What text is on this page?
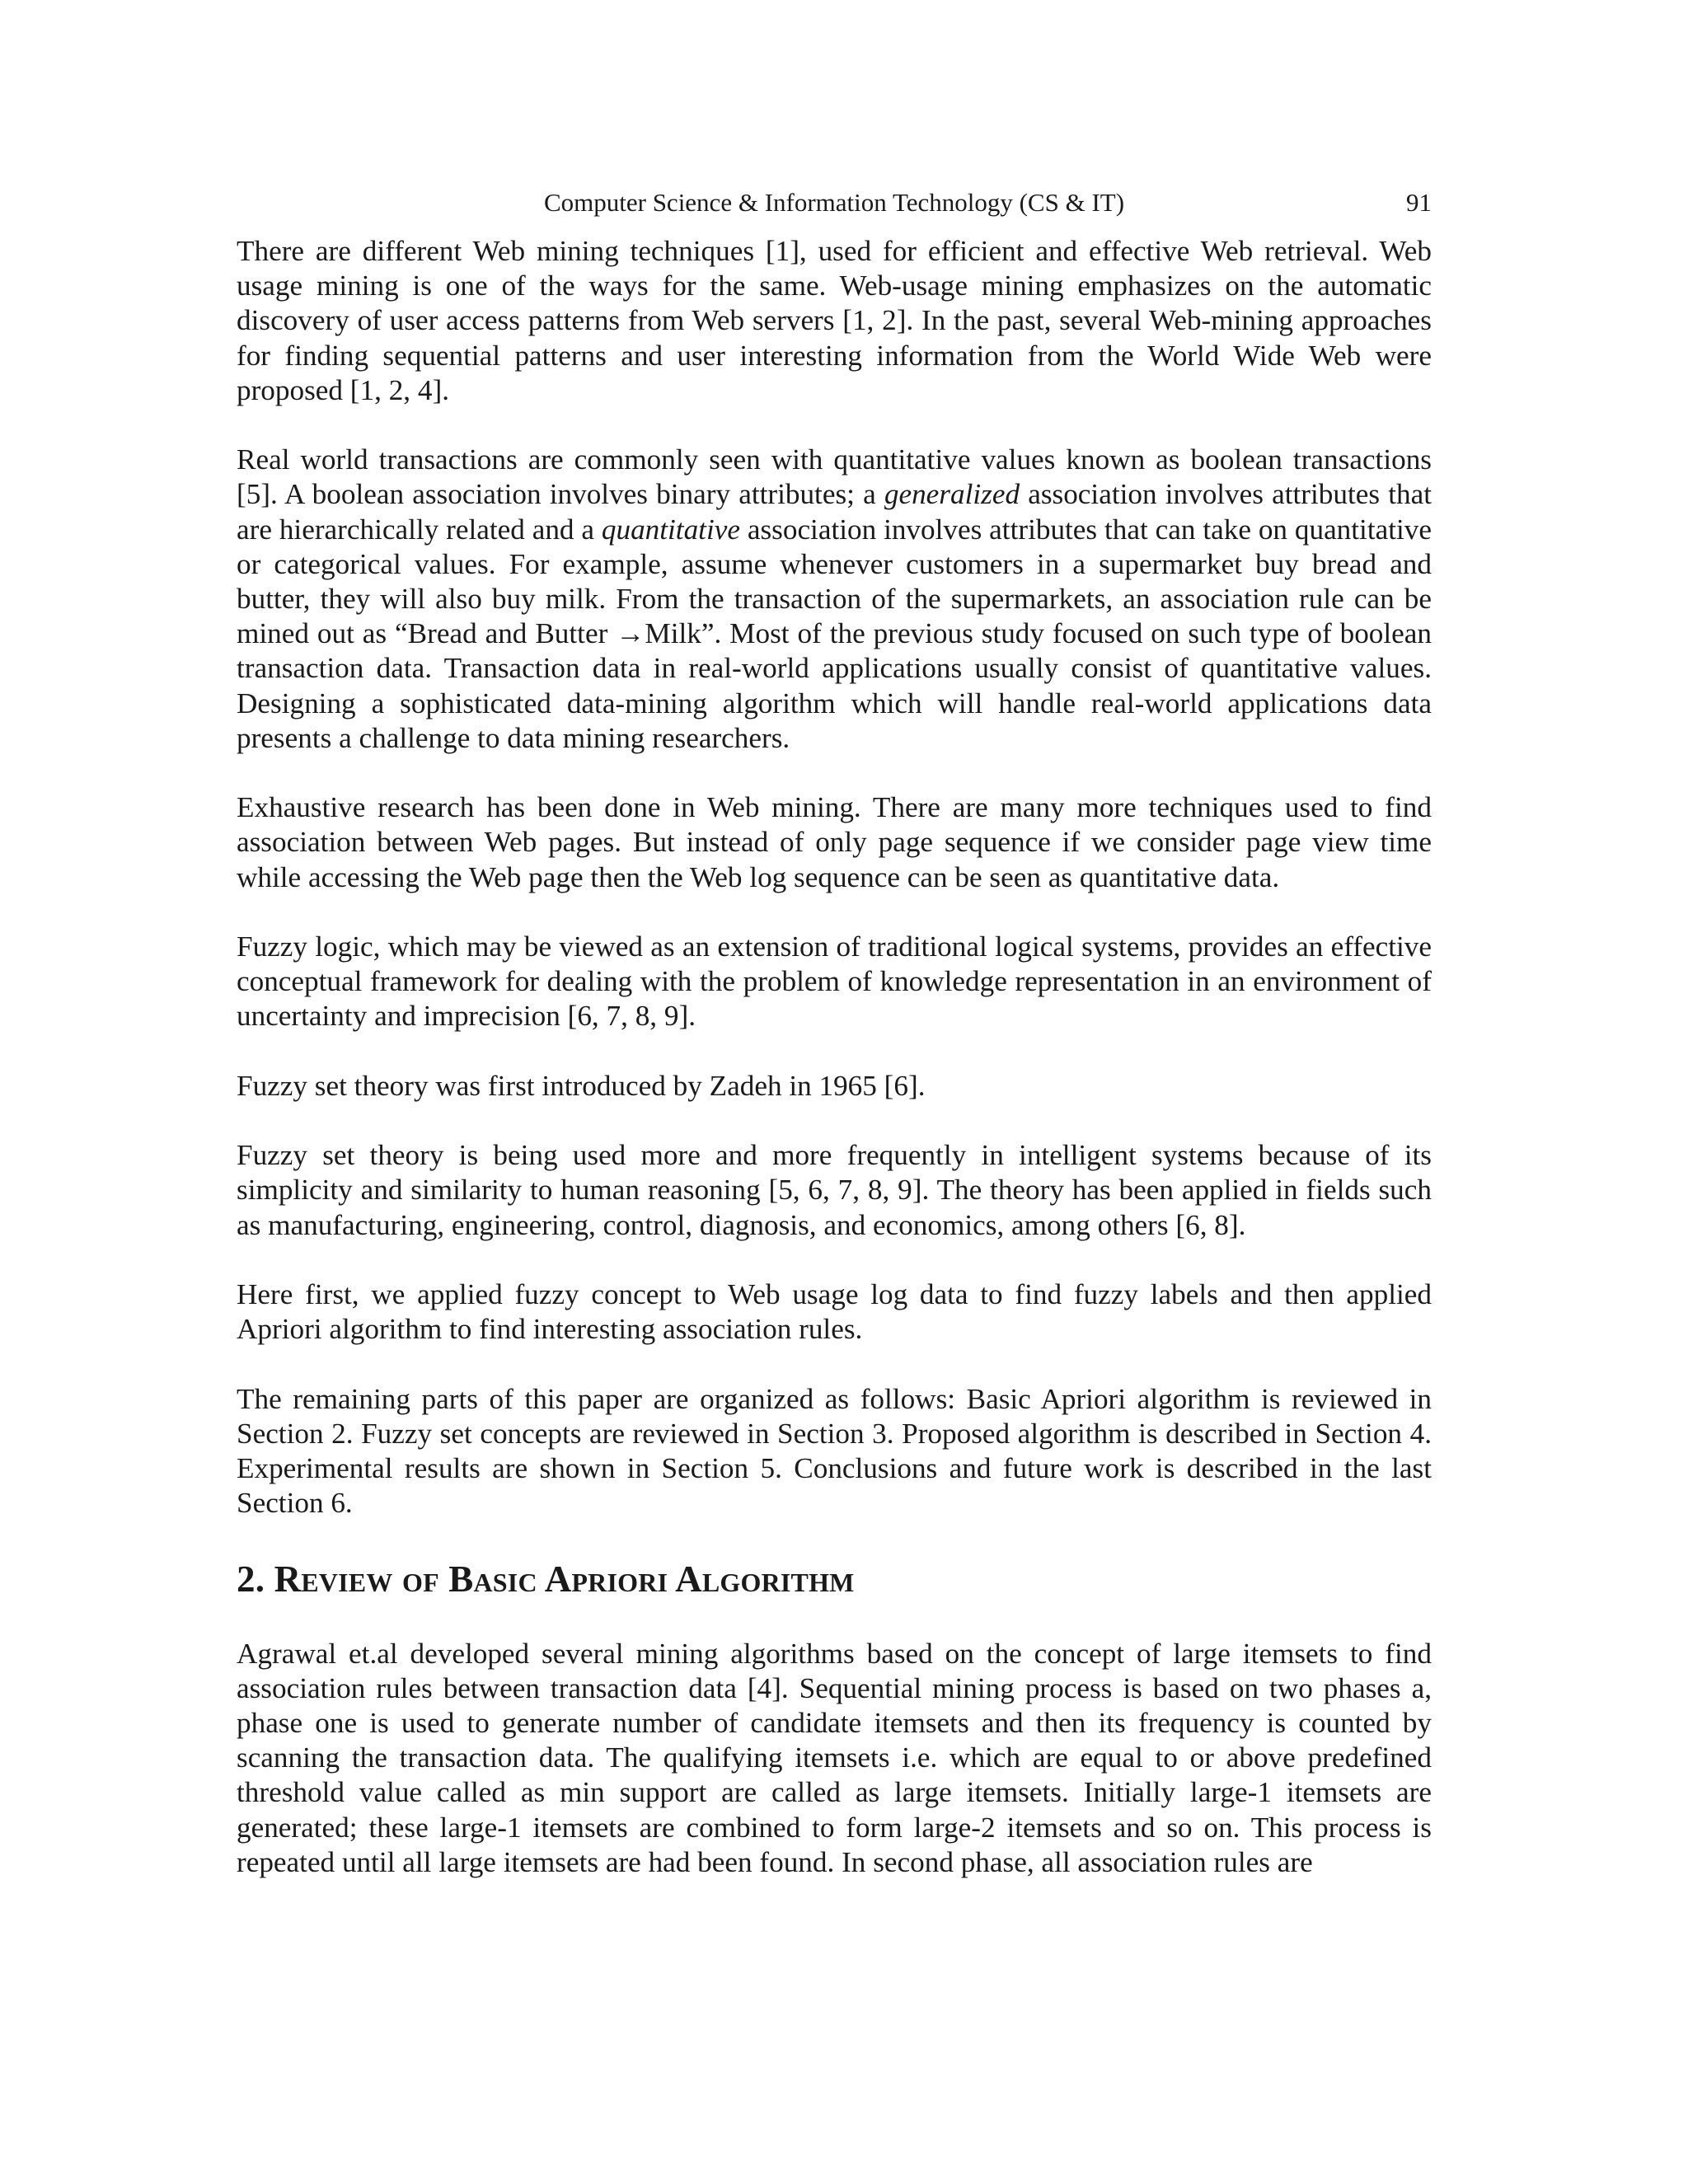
Computer Science & Information Technology (CS & IT)	91

There are different Web mining techniques [1], used for efficient and effective Web retrieval. Web usage mining is one of the ways for the same. Web-usage mining emphasizes on the automatic discovery of user access patterns from Web servers [1, 2]. In the past, several Web-mining approaches for finding sequential patterns and user interesting information from the World Wide Web were proposed [1, 2, 4].

Real world transactions are commonly seen with quantitative values known as boolean transactions [5]. A boolean association involves binary attributes; a generalized association involves attributes that are hierarchically related and a quantitative association involves attributes that can take on quantitative or categorical values. For example, assume whenever customers in a supermarket buy bread and butter, they will also buy milk. From the transaction of the supermarkets, an association rule can be mined out as “Bread and Butter →Milk”. Most of the previous study focused on such type of boolean transaction data. Transaction data in real-world applications usually consist of quantitative values. Designing a sophisticated data-mining algorithm which will handle real-world applications data presents a challenge to data mining researchers.

Exhaustive research has been done in Web mining. There are many more techniques used to find association between Web pages. But instead of only page sequence if we consider page view time while accessing the Web page then the Web log sequence can be seen as quantitative data.

Fuzzy logic, which may be viewed as an extension of traditional logical systems, provides an effective conceptual framework for dealing with the problem of knowledge representation in an environment of uncertainty and imprecision [6, 7, 8, 9].

Fuzzy set theory was first introduced by Zadeh in 1965 [6].

Fuzzy set theory is being used more and more frequently in intelligent systems because of its simplicity and similarity to human reasoning [5, 6, 7, 8, 9]. The theory has been applied in fields such as manufacturing, engineering, control, diagnosis, and economics, among others [6, 8].

Here first, we applied fuzzy concept to Web usage log data to find fuzzy labels and then applied Apriori algorithm to find interesting association rules.

The remaining parts of this paper are organized as follows: Basic Apriori algorithm is reviewed in Section 2. Fuzzy set concepts are reviewed in Section 3. Proposed algorithm is described in Section 4. Experimental results are shown in Section 5. Conclusions and future work is described in the last Section 6.

2. Review of Basic Apriori Algorithm

Agrawal et.al developed several mining algorithms based on the concept of large itemsets to find association rules between transaction data [4]. Sequential mining process is based on two phases a, phase one is used to generate number of candidate itemsets and then its frequency is counted by scanning the transaction data. The qualifying itemsets i.e. which are equal to or above predefined threshold value called as min support are called as large itemsets. Initially large-1 itemsets are generated; these large-1 itemsets are combined to form large-2 itemsets and so on. This process is repeated until all large itemsets are had been found. In second phase, all association rules are
